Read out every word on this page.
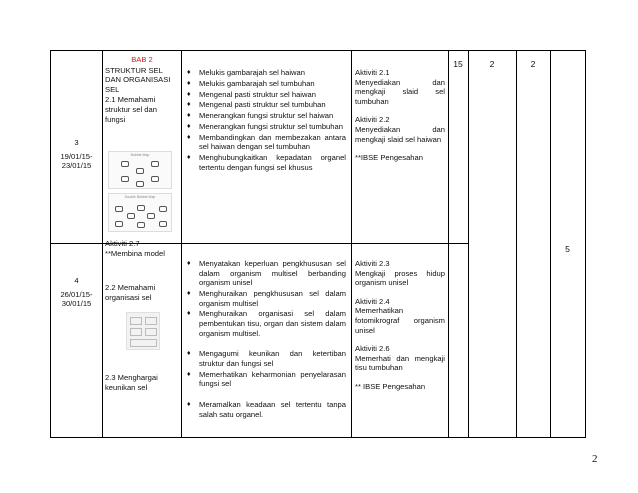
3
19/01/15-
23/01/15
BAB 2
STRUKTUR SEL DAN ORGANISASI SEL
2.1 Memahami struktur sel dan fungsi
Bubble Map
Double Bubble Map
♦ Melukis gambarajah sel haiwan
♦ Melukis gambarajah sel tumbuhan
♦ Mengenal pasti struktur sel haiwan
♦ Mengenal pasti struktur sel tumbuhan
♦ Menerangkan fungsi struktur sel haiwan
♦ Menerangkan fungsi struktur sel tumbuhan
♦ Membandingkan dan membezakan antara sel haiwan dengan sel tumbuhan
♦ Menghubungkaitkan kepadatan organel tertentu dengan fungsi sel khusus
Aktiviti 2.1
Menyediakan dan mengkaji slaid sel tumbuhan
Aktiviti 2.2
Menyediakan dan mengkaji slaid sel haiwan
**IBSE Pengesahan
15	2	2
5
4
26/01/15-
30/01/15
Aktiviti 2.7
**Membina model
2.2 Memahami organisasi sel
2.3 Menghargai keunikan sel
♦ Menyatakan keperluan pengkhususan sel dalam organism multisel berbanding organism unisel
♦ Menghuraikan pengkhususan sel dalam organism multisel
♦ Menghuraikan organisasi sel dalam pembentukan tisu, organ dan sistem dalam organism multisel.
♦ Mengagumi keunikan dan ketertiban struktur dan fungsi sel
♦ Memerhatikan keharmonian penyelarasan fungsi sel
♦ Meramalkan keadaan sel tertentu tanpa salah satu organel.
Aktiviti 2.3
Mengkaji proses hidup organism unisel
Aktiviti 2.4
Memerhatikan fotomikrograf organism unisel
Aktiviti 2.6
Memerhati dan mengkaji tisu tumbuhan
** IBSE Pengesahan
2
